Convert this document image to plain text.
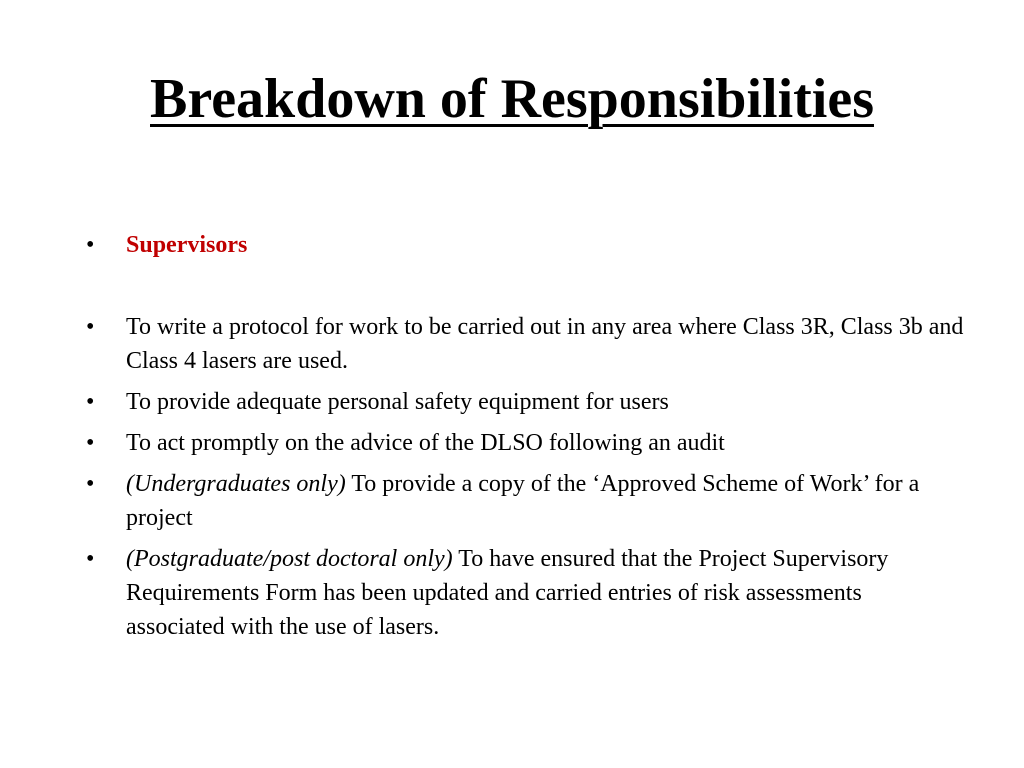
Breakdown of Responsibilities
•	Supervisors
•	To write a protocol for work to be carried out in any area where Class 3R, Class 3b and Class 4 lasers are used.
•	To provide adequate personal safety equipment for users
•	To act promptly on the advice of the DLSO following an audit
•	(Undergraduates only) To provide a copy of the ‘Approved Scheme of Work’ for a project
•	(Postgraduate/post doctoral only) To have ensured that the Project Supervisory Requirements Form has been updated and carried entries of risk assessments associated with the use of lasers.
